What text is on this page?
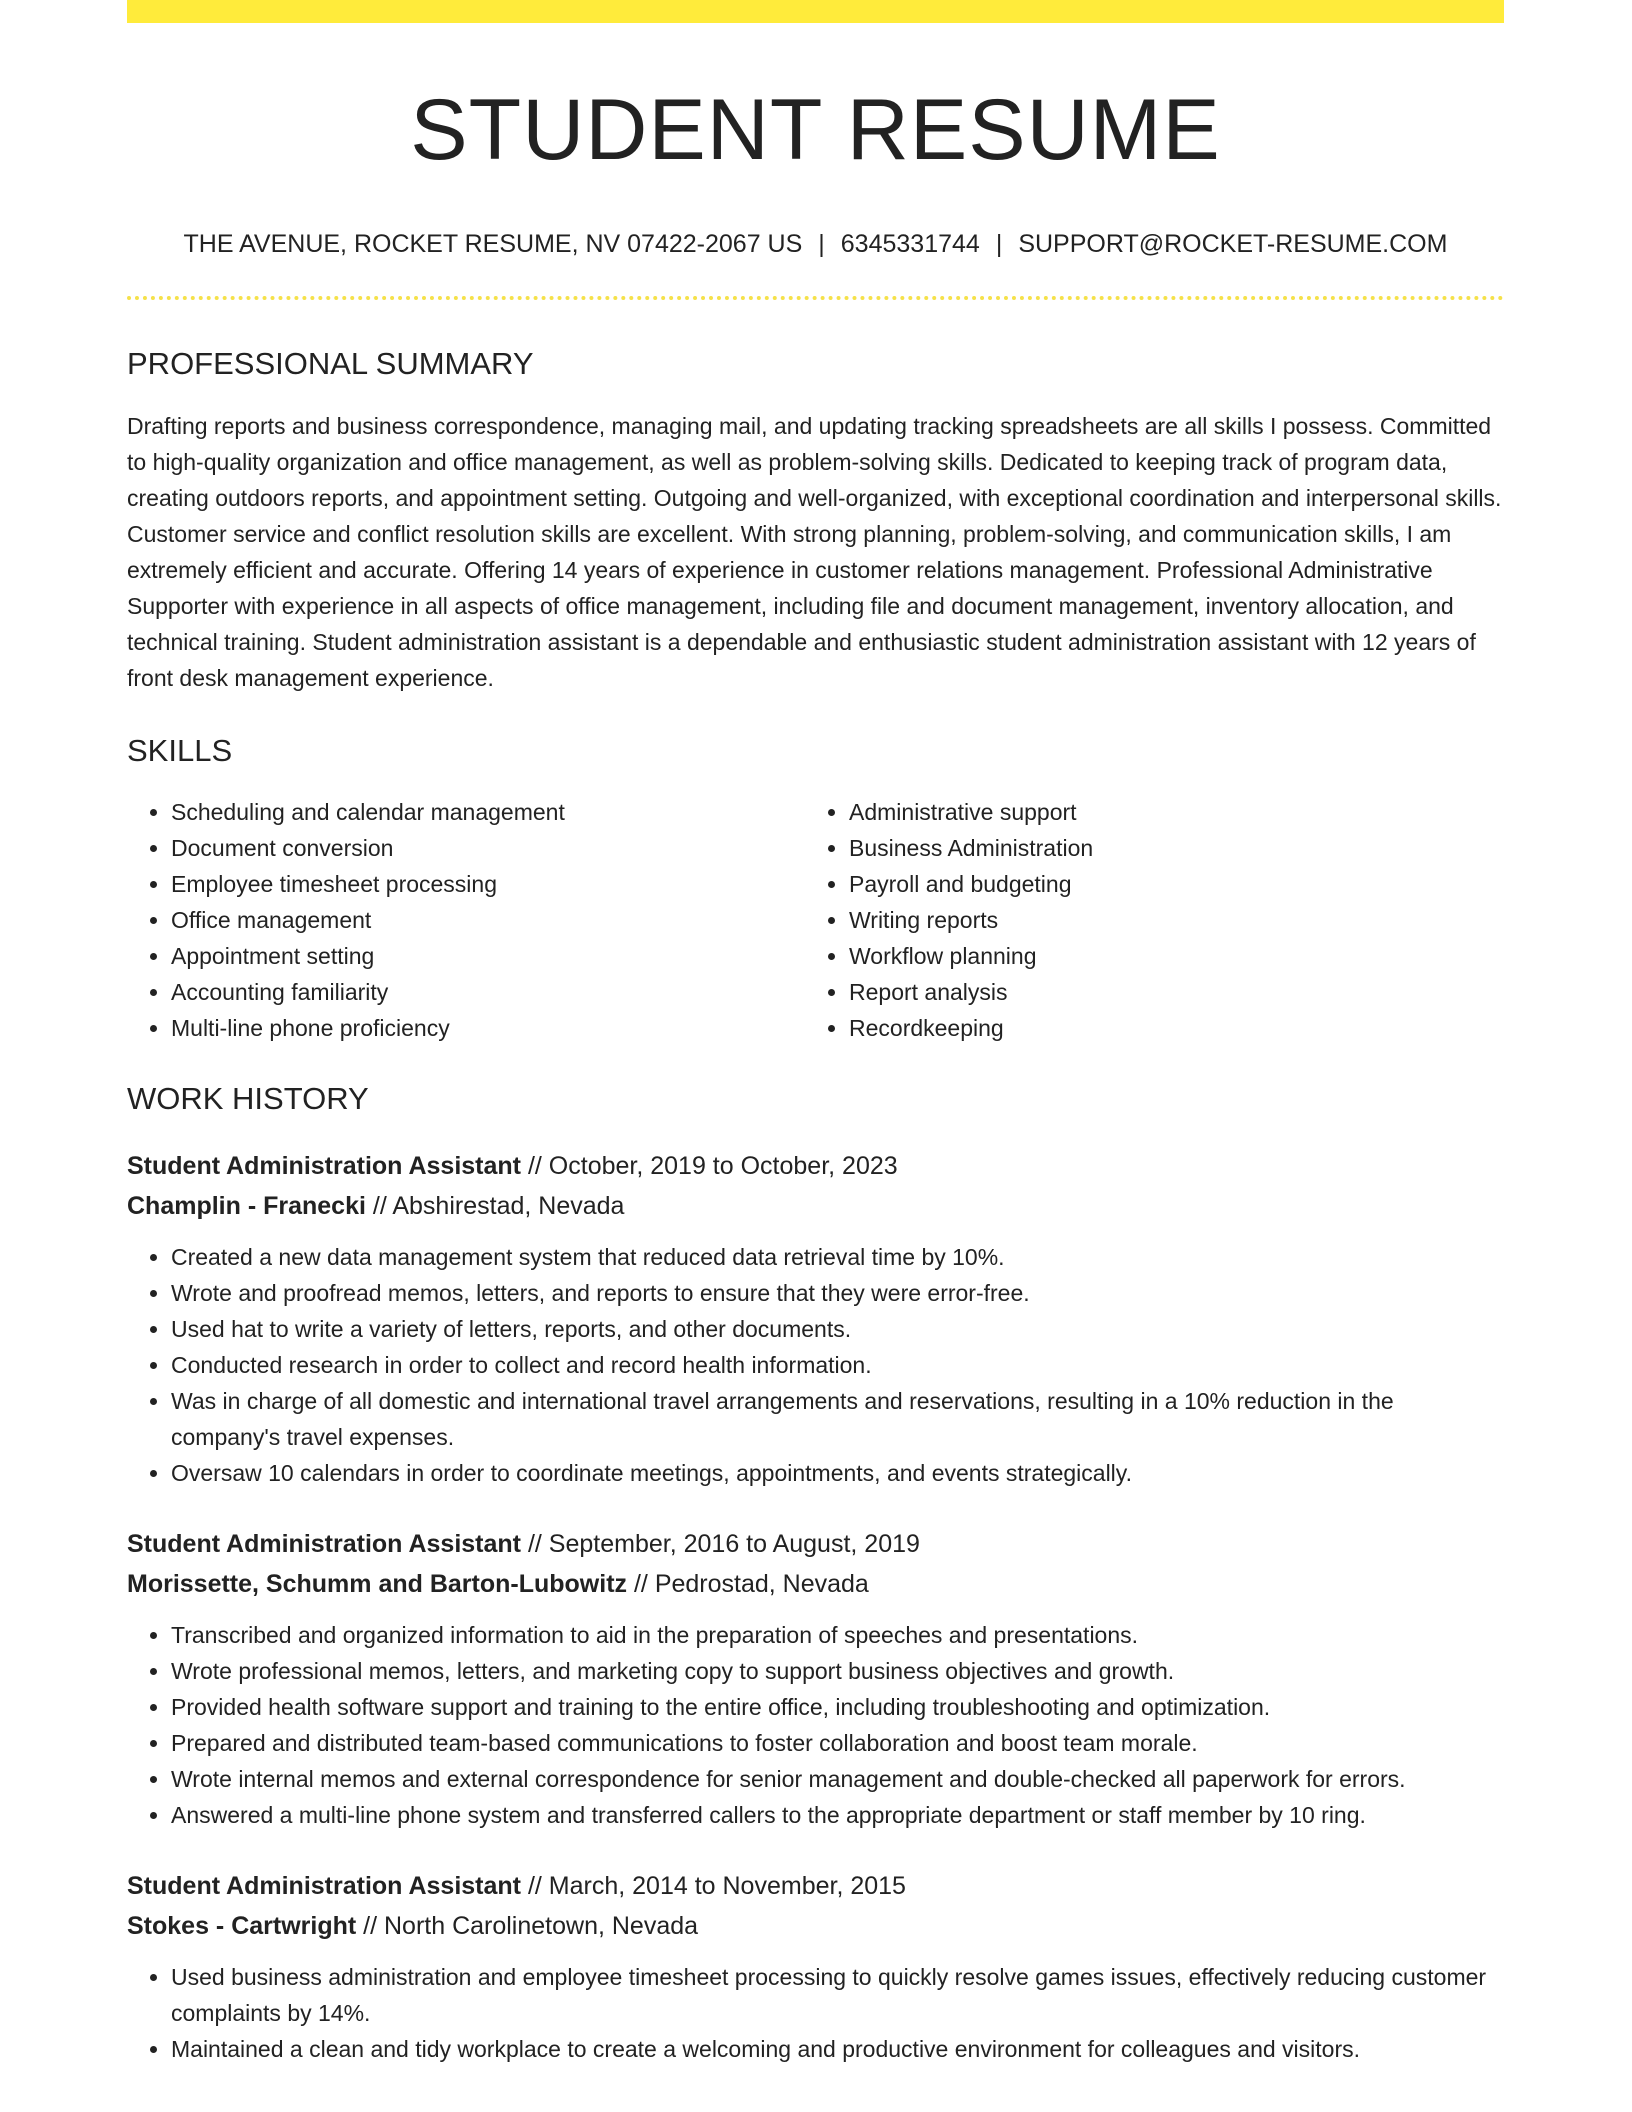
STUDENT RESUME
THE AVENUE, ROCKET RESUME, NV 07422-2067 US | 6345331744 | SUPPORT@ROCKET-RESUME.COM
PROFESSIONAL SUMMARY

Drafting reports and business correspondence, managing mail, and updating tracking spreadsheets are all skills I possess. Committed to high-quality organization and office management, as well as problem-solving skills. Dedicated to keeping track of program data, creating outdoors reports, and appointment setting. Outgoing and well-organized, with exceptional coordination and interpersonal skills. Customer service and conflict resolution skills are excellent. With strong planning, problem-solving, and communication skills, I am extremely efficient and accurate. Offering 14 years of experience in customer relations management. Professional Administrative Supporter with experience in all aspects of office management, including file and document management, inventory allocation, and technical training. Student administration assistant is a dependable and enthusiastic student administration assistant with 12 years of front desk management experience.

SKILLS
• Scheduling and calendar management
• Document conversion
• Employee timesheet processing
• Office management
• Appointment setting
• Accounting familiarity
• Multi-line phone proficiency
• Administrative support
• Business Administration
• Payroll and budgeting
• Writing reports
• Workflow planning
• Report analysis
• Recordkeeping
WORK HISTORY
Student Administration Assistant // October, 2019 to October, 2023
Champlin - Franecki // Abshirestad, Nevada
• Created a new data management system that reduced data retrieval time by 10%.
• Wrote and proofread memos, letters, and reports to ensure that they were error-free.
• Used hat to write a variety of letters, reports, and other documents.
• Conducted research in order to collect and record health information.
• Was in charge of all domestic and international travel arrangements and reservations, resulting in a 10% reduction in the company's travel expenses.
• Oversaw 10 calendars in order to coordinate meetings, appointments, and events strategically.
Student Administration Assistant // September, 2016 to August, 2019
Morissette, Schumm and Barton-Lubowitz // Pedrostad, Nevada
• Transcribed and organized information to aid in the preparation of speeches and presentations.
• Wrote professional memos, letters, and marketing copy to support business objectives and growth.
• Provided health software support and training to the entire office, including troubleshooting and optimization.
• Prepared and distributed team-based communications to foster collaboration and boost team morale.
• Wrote internal memos and external correspondence for senior management and double-checked all paperwork for errors.
• Answered a multi-line phone system and transferred callers to the appropriate department or staff member by 10 ring.
Student Administration Assistant // March, 2014 to November, 2015
Stokes - Cartwright // North Carolinetown, Nevada
• Used business administration and employee timesheet processing to quickly resolve games issues, effectively reducing customer complaints by 14%.
• Maintained a clean and tidy workplace to create a welcoming and productive environment for colleagues and visitors.
